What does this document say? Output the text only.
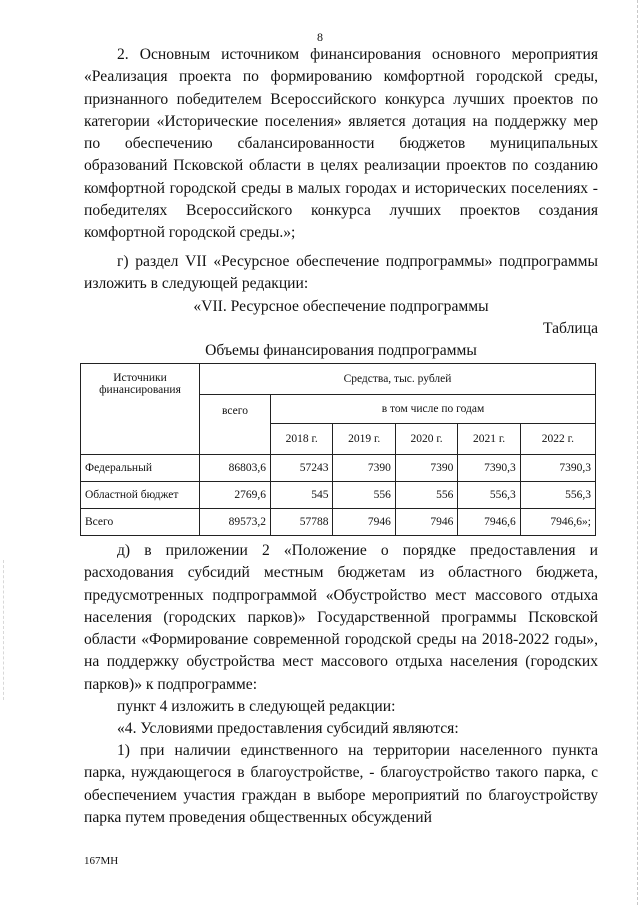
8

2. Основным источником финансирования основного мероприятия «Реализация проекта по формированию комфортной городской среды, признанного победителем Всероссийского конкурса лучших проектов по категории «Исторические поселения» является дотация на поддержку мер по обеспечению сбалансированности бюджетов муниципальных образований Псковской области в целях реализации проектов по созданию комфортной городской среды в малых городах и исторических поселениях - победителях Всероссийского конкурса лучших проектов создания комфортной городской среды.»;

г) раздел VII «Ресурсное обеспечение подпрограммы» подпрограммы изложить в следующей редакции:

«VII. Ресурсное обеспечение подпрограммы
Таблица
Объемы финансирования подпрограммы
Источники финансирования	Средства, тыс. рублей					
	всего	в том числе по годам				
		2018 г.	2019 г.	2020 г.	2021 г.	2022 г.
Федеральный	86803,6	57243	7390	7390	7390,3	7390,3
Областной бюджет	2769,6	545	556	556	556,3	556,3
Всего	89573,2	57788	7946	7946	7946,6	7946,6»;

д) в приложении 2 «Положение о порядке предоставления и расходования субсидий местным бюджетам из областного бюджета, предусмотренных подпрограммой «Обустройство мест массового отдыха населения (городских парков)» Государственной программы Псковской области «Формирование современной городской среды на 2018-2022 годы», на поддержку обустройства мест массового отдыха населения (городских парков)» к подпрограмме:

пункт 4 изложить в следующей редакции:
«4. Условиями предоставления субсидий являются:

1) при наличии единственного на территории населенного пункта парка, нуждающегося в благоустройстве, - благоустройство такого парка, с обеспечением участия граждан в выборе мероприятий по благоустройству парка путем проведения общественных обсуждений

167МН
